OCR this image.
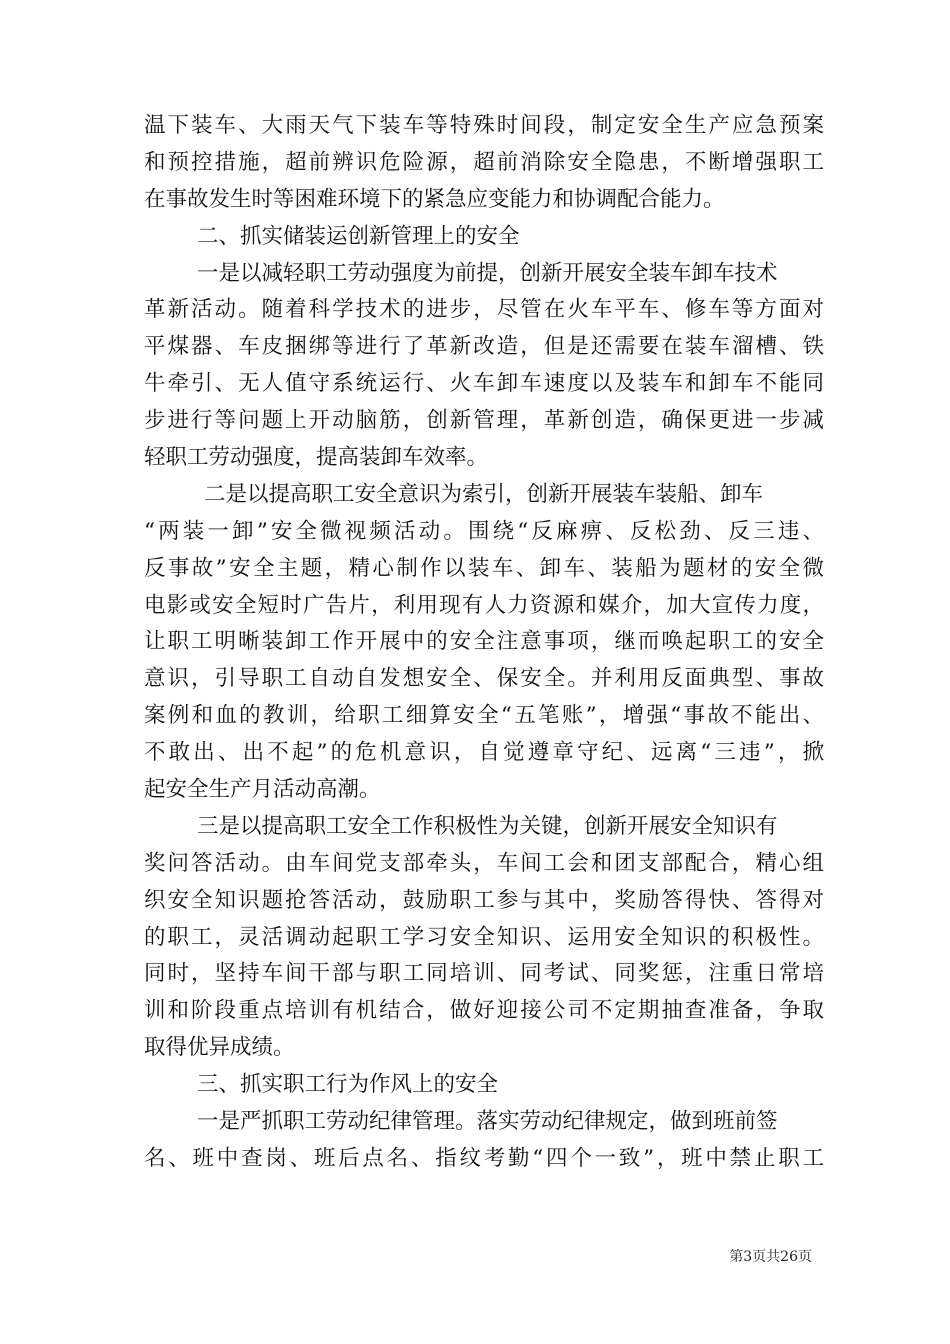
温下装车、大雨天气下装车等特殊时间段，制定安全生产应急预案
和预控措施，超前辨识危险源，超前消除安全隐患，不断增强职工
在事故发生时等困难环境下的紧急应变能力和协调配合能力。
二、抓实储装运创新管理上的安全
一是以减轻职工劳动强度为前提，创新开展安全装车卸车技术
革新活动。随着科学技术的进步，尽管在火车平车、修车等方面对
平煤器、车皮捆绑等进行了革新改造，但是还需要在装车溜槽、铁
牛牵引、无人值守系统运行、火车卸车速度以及装车和卸车不能同
步进行等问题上开动脑筋，创新管理，革新创造，确保更进一步减
轻职工劳动强度，提高装卸车效率。
二是以提高职工安全意识为索引，创新开展装车装船、卸车
“两装一卸”安全微视频活动。围绕“反麻痹、反松劲、反三违、
反事故”安全主题，精心制作以装车、卸车、装船为题材的安全微
电影或安全短时广告片，利用现有人力资源和媒介，加大宣传力度，
让职工明晰装卸工作开展中的安全注意事项，继而唤起职工的安全
意识，引导职工自动自发想安全、保安全。并利用反面典型、事故
案例和血的教训，给职工细算安全“五笔账”，增强“事故不能出、
不敢出、出不起”的危机意识，自觉遵章守纪、远离“三违”，掀
起安全生产月活动高潮。
三是以提高职工安全工作积极性为关键，创新开展安全知识有
奖问答活动。由车间党支部牵头，车间工会和团支部配合，精心组
织安全知识题抢答活动，鼓励职工参与其中，奖励答得快、答得对
的职工，灵活调动起职工学习安全知识、运用安全知识的积极性。
同时，坚持车间干部与职工同培训、同考试、同奖惩，注重日常培
训和阶段重点培训有机结合，做好迎接公司不定期抽查准备，争取
取得优异成绩。
三、抓实职工行为作风上的安全
一是严抓职工劳动纪律管理。落实劳动纪律规定，做到班前签
名、班中查岗、班后点名、指纹考勤“四个一致”，班中禁止职工
第3页共26页
